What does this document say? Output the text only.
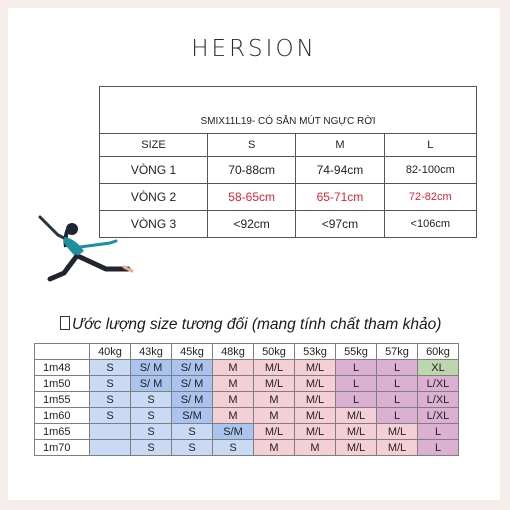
HERSION
SMIX11L19- CÓ SẴN MÚT NGỰC RỜI			
SIZE	S	M	L
VÒNG 1	70-88cm	74-94cm	82-100cm
VÒNG 2	58-65cm	65-71cm	72-82cm
VÒNG 3	<92cm	<97cm	<106cm
Ước lượng size tương đối (mang tính chất tham khảo)
	40kg	43kg	45kg	48kg	50kg	53kg	55kg	57kg	60kg
1m48	S	S/ M	S/ M	M	M/L	M/L	L	L	XL
1m50	S	S/ M	S/ M	M	M/L	M/L	L	L	L/XL
1m55	S	S	S/ M	M	M	M/L	L	L	L/XL
1m60	S	S	S/M	M	M	M/L	M/L	L	L/XL
1m65		S	S	S/M	M/L	M/L	M/L	M/L	L
1m70		S	S	S	M	M	M/L	M/L	L
